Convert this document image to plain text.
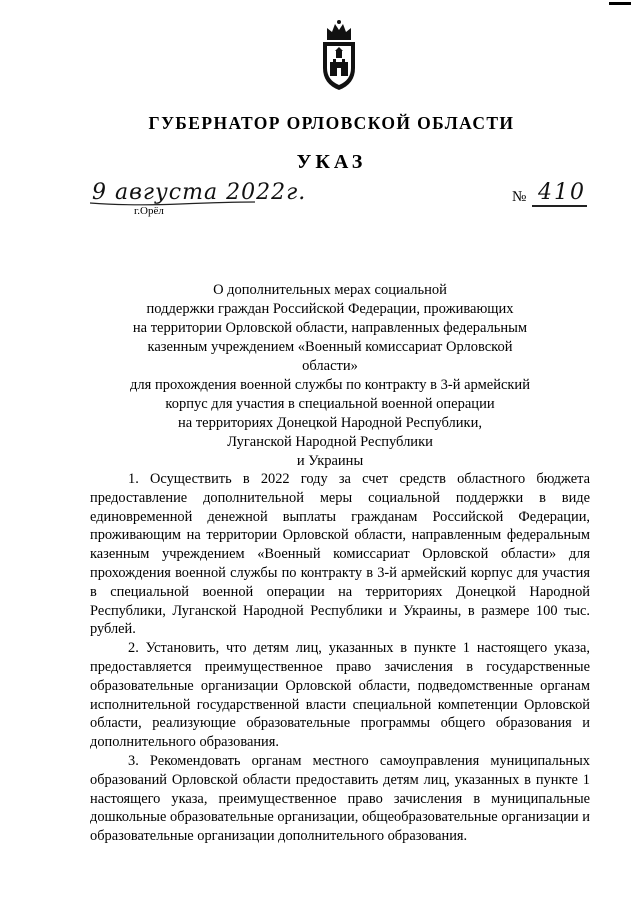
ГУБЕРНАТОР ОРЛОВСКОЙ ОБЛАСТИ
УКАЗ
9 августа 2022г.
г.Орёл
№ 410
О дополнительных мерах социальной
поддержки граждан Российской Федерации, проживающих
на территории Орловской области, направленных федеральным
казенным учреждением «Военный комиссариат Орловской области»
для прохождения военной службы по контракту в 3-й армейский
корпус для участия в специальной военной операции
на территориях Донецкой Народной Республики,
Луганской Народной Республики
и Украины

1. Осуществить в 2022 году за счет средств областного бюджета предоставление дополнительной меры социальной поддержки в виде единовременной денежной выплаты гражданам Российской Федерации, проживающим на территории Орловской области, направленным федеральным казенным учреждением «Военный комиссариат Орловской области» для прохождения военной службы по контракту в 3-й армейский корпус для участия в специальной военной операции на территориях Донецкой Народной Республики, Луганской Народной Республики и Украины, в размере 100 тыс. рублей.

2. Установить, что детям лиц, указанных в пункте 1 настоящего указа, предоставляется преимущественное право зачисления в государственные образовательные организации Орловской области, подведомственные органам исполнительной государственной власти специальной компетенции Орловской области, реализующие образовательные программы общего образования и дополнительного образования.

3. Рекомендовать органам местного самоуправления муниципальных образований Орловской области предоставить детям лиц, указанных в пункте 1 настоящего указа, преимущественное право зачисления в муниципальные дошкольные образовательные организации, общеобразовательные организации и образовательные организации дополнительного образования.
